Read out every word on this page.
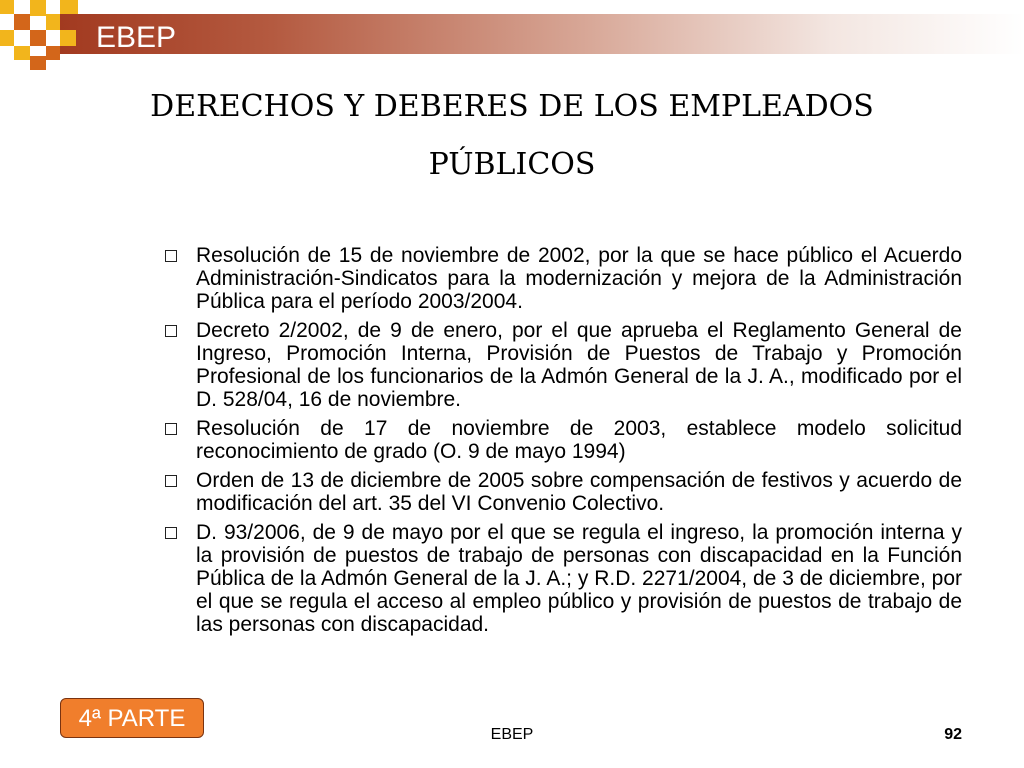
EBEP
DERECHOS Y DEBERES DE LOS EMPLEADOS
PÚBLICOS
Resolución de 15 de noviembre de 2002, por la que se hace público el Acuerdo Administración-Sindicatos para la modernización y mejora de la Administración Pública para el período 2003/2004.
Decreto 2/2002, de 9 de enero, por el que aprueba el Reglamento General de Ingreso, Promoción Interna, Provisión de Puestos de Trabajo y Promoción Profesional de los funcionarios de la Admón General de la J. A., modificado por el D. 528/04, 16 de noviembre.
Resolución de 17 de noviembre de 2003, establece modelo solicitud reconocimiento de grado (O. 9 de mayo 1994)
Orden de 13 de diciembre de 2005 sobre compensación de festivos y acuerdo de modificación del art. 35 del VI Convenio Colectivo.
D. 93/2006, de 9 de mayo por el que se regula el ingreso, la promoción interna y la provisión de puestos de trabajo de personas con discapacidad en la Función Pública de la Admón General de la J. A.; y R.D. 2271/2004, de 3 de diciembre, por el que se regula el acceso al empleo público y provisión de puestos de trabajo de las personas con discapacidad.
4ª PARTE
EBEP	92
